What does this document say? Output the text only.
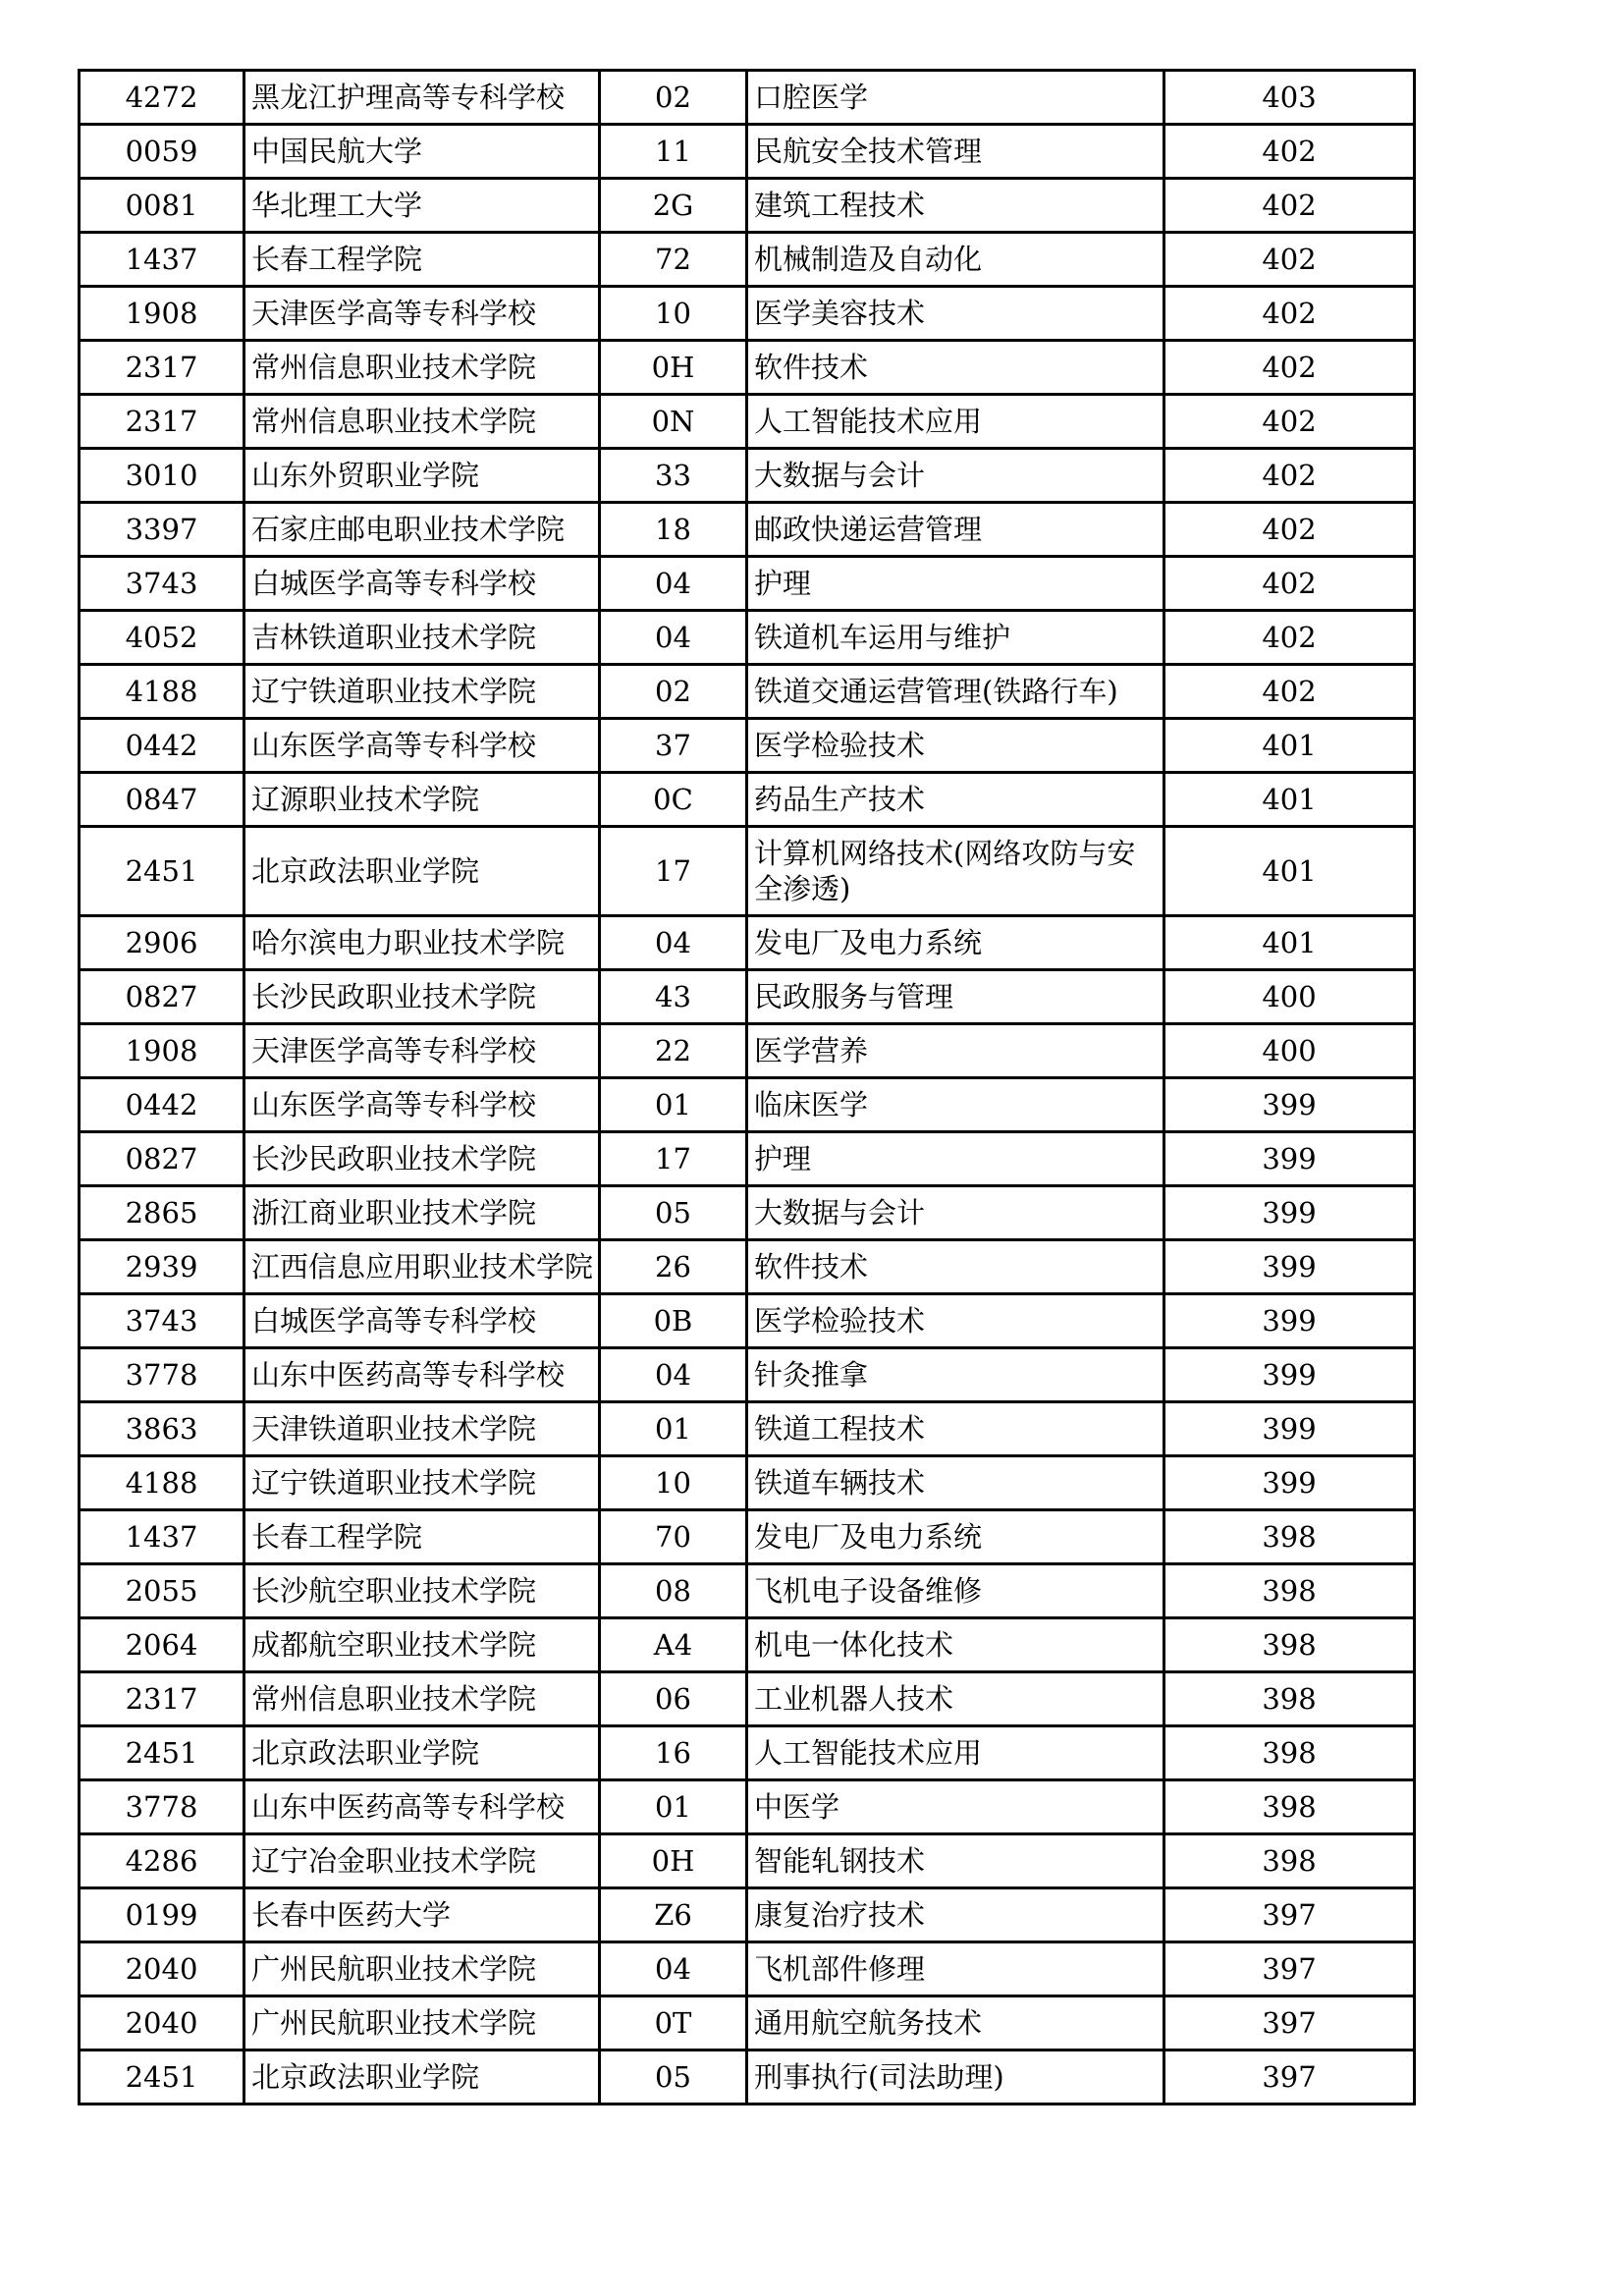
4272	黑龙江护理高等专科学校	02	口腔医学	403
0059	中国民航大学	11	民航安全技术管理	402
0081	华北理工大学	2G	建筑工程技术	402
1437	长春工程学院	72	机械制造及自动化	402
1908	天津医学高等专科学校	10	医学美容技术	402
2317	常州信息职业技术学院	0H	软件技术	402
2317	常州信息职业技术学院	0N	人工智能技术应用	402
3010	山东外贸职业学院	33	大数据与会计	402
3397	石家庄邮电职业技术学院	18	邮政快递运营管理	402
3743	白城医学高等专科学校	04	护理	402
4052	吉林铁道职业技术学院	04	铁道机车运用与维护	402
4188	辽宁铁道职业技术学院	02	铁道交通运营管理(铁路行车)	402
0442	山东医学高等专科学校	37	医学检验技术	401
0847	辽源职业技术学院	0C	药品生产技术	401
2451	北京政法职业学院	17	计算机网络技术(网络攻防与安全渗透)	401
2906	哈尔滨电力职业技术学院	04	发电厂及电力系统	401
0827	长沙民政职业技术学院	43	民政服务与管理	400
1908	天津医学高等专科学校	22	医学营养	400
0442	山东医学高等专科学校	01	临床医学	399
0827	长沙民政职业技术学院	17	护理	399
2865	浙江商业职业技术学院	05	大数据与会计	399
2939	江西信息应用职业技术学院	26	软件技术	399
3743	白城医学高等专科学校	0B	医学检验技术	399
3778	山东中医药高等专科学校	04	针灸推拿	399
3863	天津铁道职业技术学院	01	铁道工程技术	399
4188	辽宁铁道职业技术学院	10	铁道车辆技术	399
1437	长春工程学院	70	发电厂及电力系统	398
2055	长沙航空职业技术学院	08	飞机电子设备维修	398
2064	成都航空职业技术学院	A4	机电一体化技术	398
2317	常州信息职业技术学院	06	工业机器人技术	398
2451	北京政法职业学院	16	人工智能技术应用	398
3778	山东中医药高等专科学校	01	中医学	398
4286	辽宁冶金职业技术学院	0H	智能轧钢技术	398
0199	长春中医药大学	Z6	康复治疗技术	397
2040	广州民航职业技术学院	04	飞机部件修理	397
2040	广州民航职业技术学院	0T	通用航空航务技术	397
2451	北京政法职业学院	05	刑事执行(司法助理)	397
